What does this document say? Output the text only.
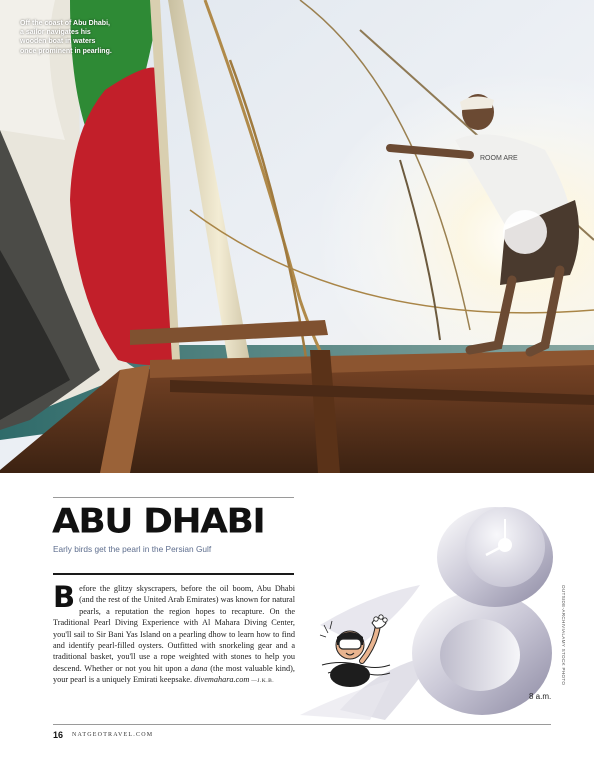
ROOM ARE
Off the coast of Abu Dhabi, a sailor navigates his wooden boat in waters once prominent in pearling.
ABU DHABI
Early birds get the pearl in the Persian Gulf

Before the glitzy skyscrapers, before the oil boom, Abu Dhabi (and the rest of the United Arab Emirates) was known for natural pearls, a reputation the region hopes to recapture. On the Traditional Pearl Diving Experience with Al Mahara Diving Center, you'll sail to Sir Bani Yas Island on a pearling dhow to learn how to find and identify pearl-filled oysters. Outfitted with snorkeling gear and a traditional basket, you'll use a rope weighted with stones to help you descend. Whether or not you hit upon a dana (the most valuable kind), your pearl is a uniquely Emirati keepsake. divemahara.com —J.K.B.

8 a.m.
OUTSIDE-ARCHIVIALAMY STOCK PHOTO
16 NATGEOTRAVEL.COM
